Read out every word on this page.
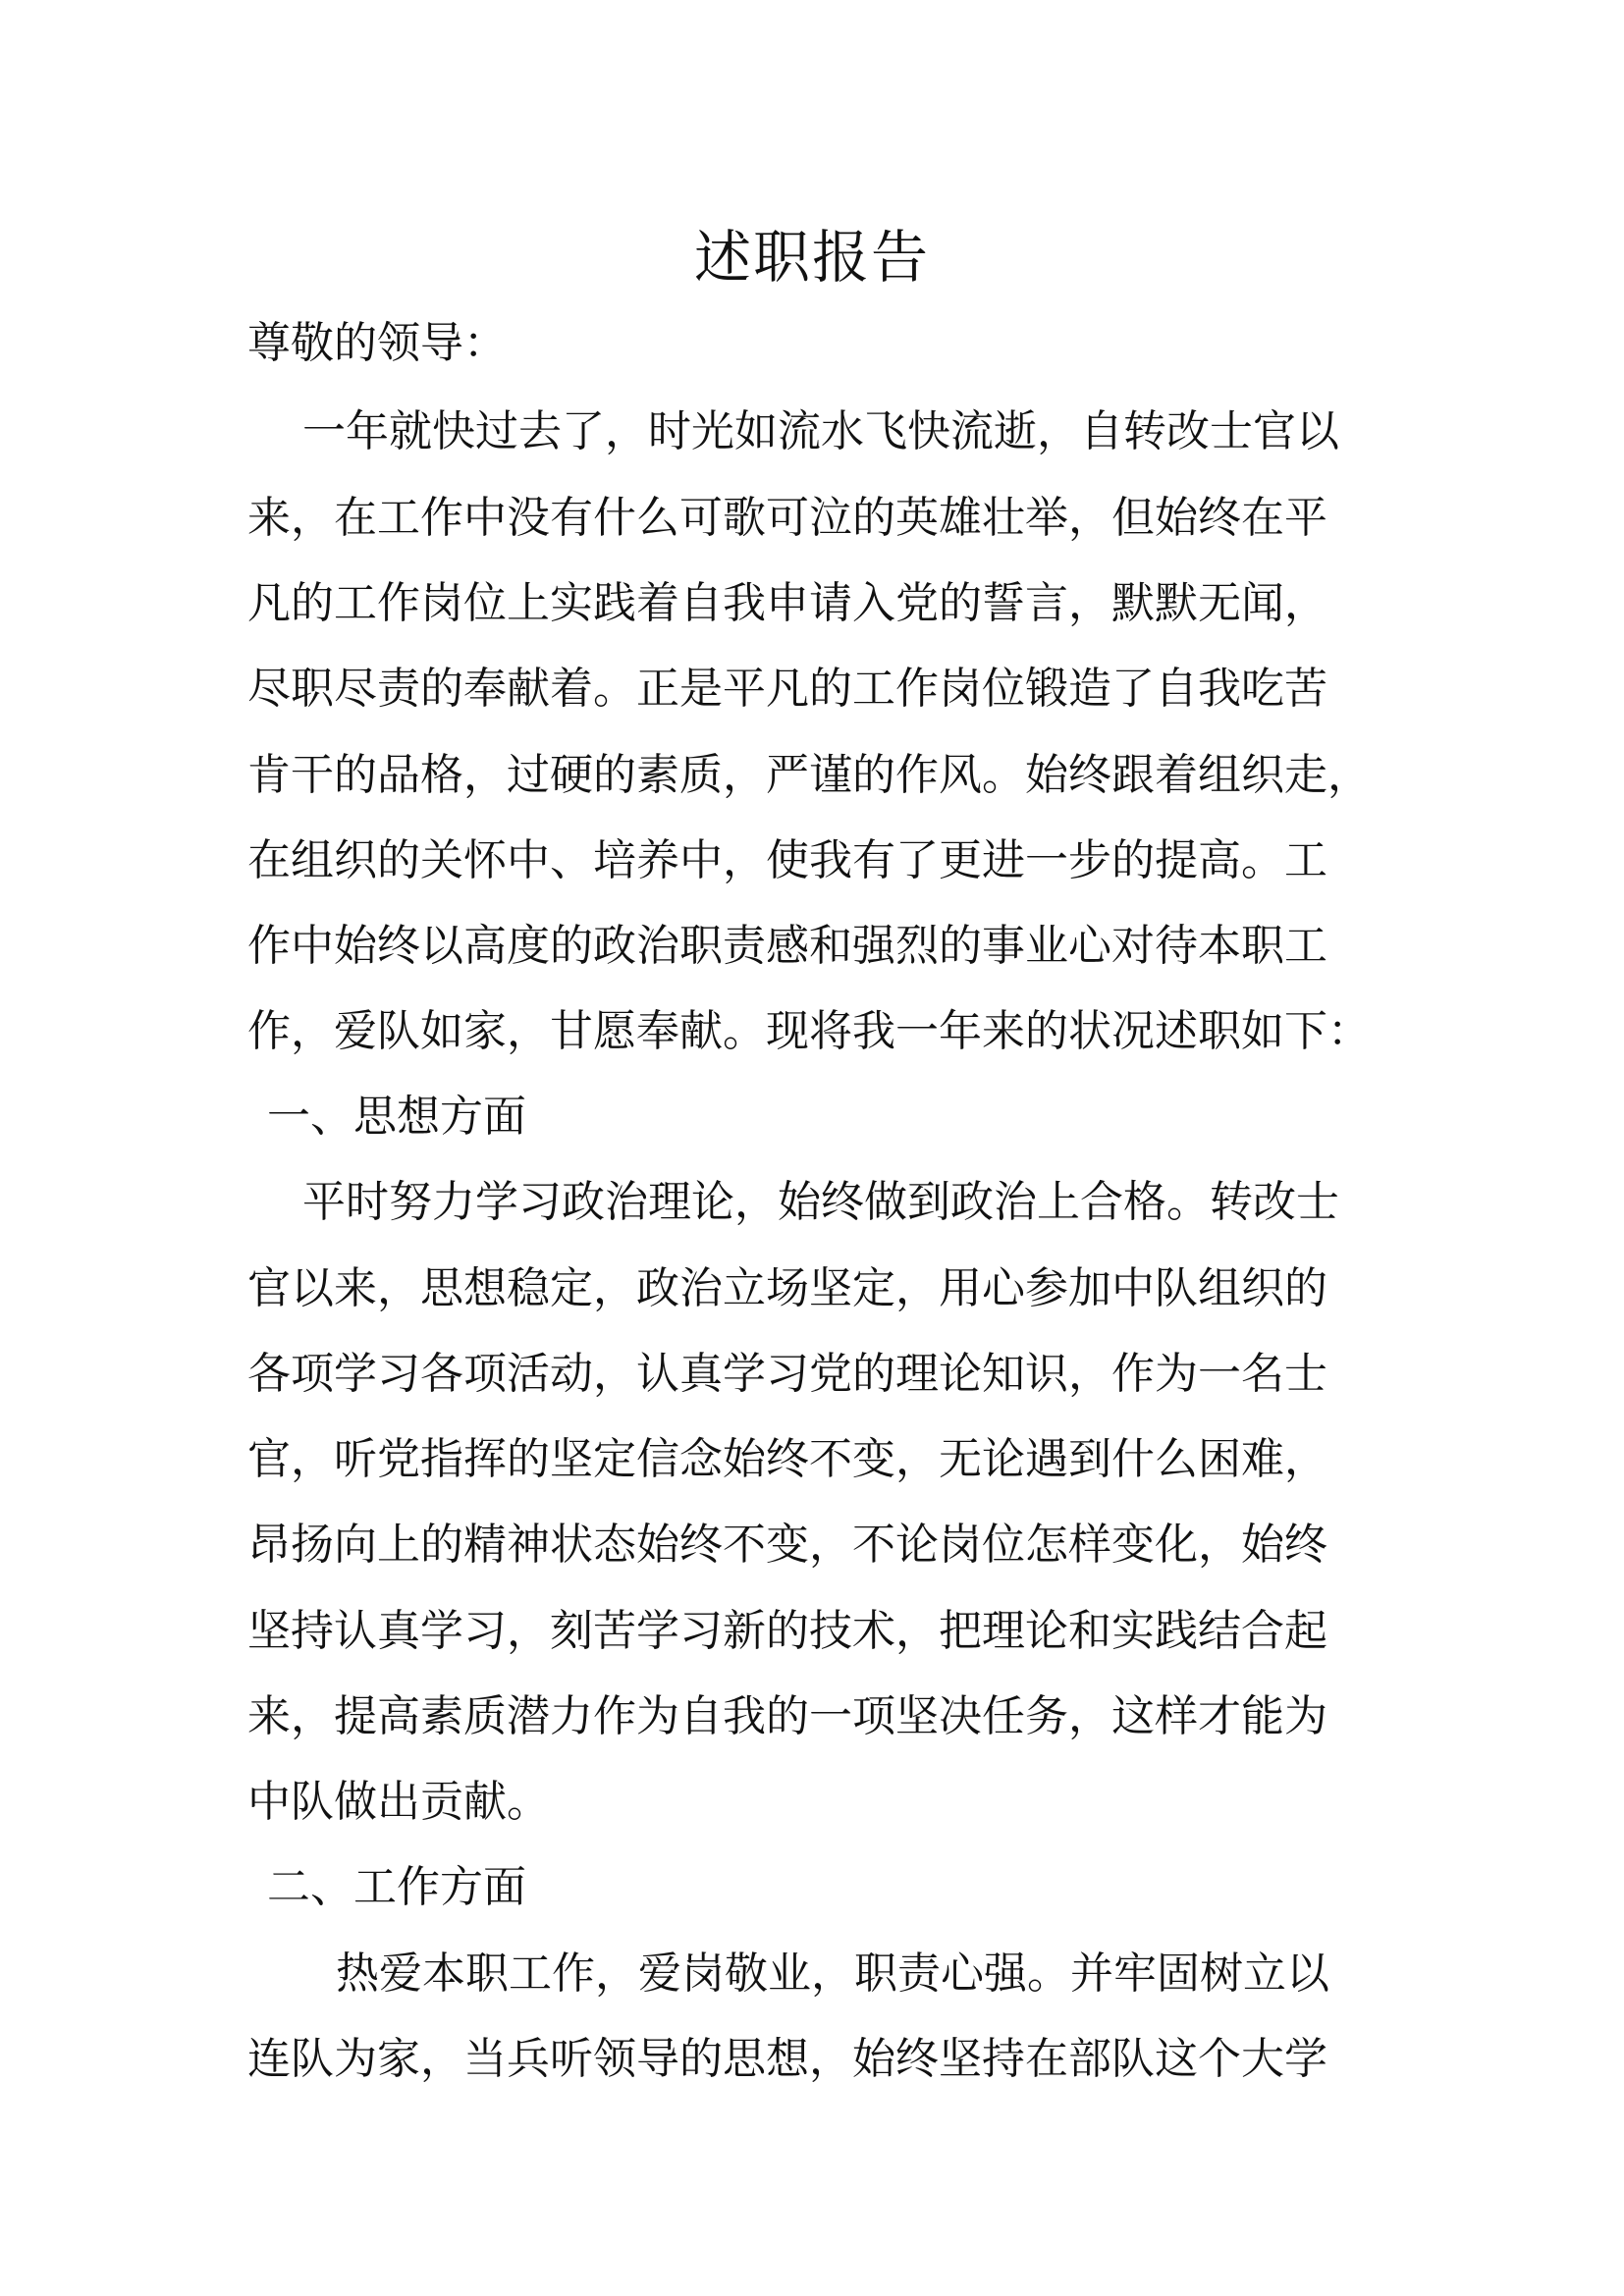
述职报告
尊敬的领导：
一年就快过去了，时光如流水飞快流逝，自转改士官以
来，在工作中没有什么可歌可泣的英雄壮举，但始终在平
凡的工作岗位上实践着自我申请入党的誓言，默默无闻，
尽职尽责的奉献着。正是平凡的工作岗位锻造了自我吃苦
肯干的品格，过硬的素质，严谨的作风。始终跟着组织走，
在组织的关怀中、培养中，使我有了更进一步的提高。工
作中始终以高度的政治职责感和强烈的事业心对待本职工
作，爱队如家，甘愿奉献。现将我一年来的状况述职如下：
一、思想方面
平时努力学习政治理论，始终做到政治上合格。转改士
官以来，思想稳定，政治立场坚定，用心参加中队组织的
各项学习各项活动，认真学习党的理论知识，作为一名士
官，听党指挥的坚定信念始终不变，无论遇到什么困难，
昂扬向上的精神状态始终不变，不论岗位怎样变化，始终
坚持认真学习，刻苦学习新的技术，把理论和实践结合起
来，提高素质潜力作为自我的一项坚决任务，这样才能为
中队做出贡献。
二、工作方面
热爱本职工作，爱岗敬业，职责心强。并牢固树立以
连队为家，当兵听领导的思想，始终坚持在部队这个大学
